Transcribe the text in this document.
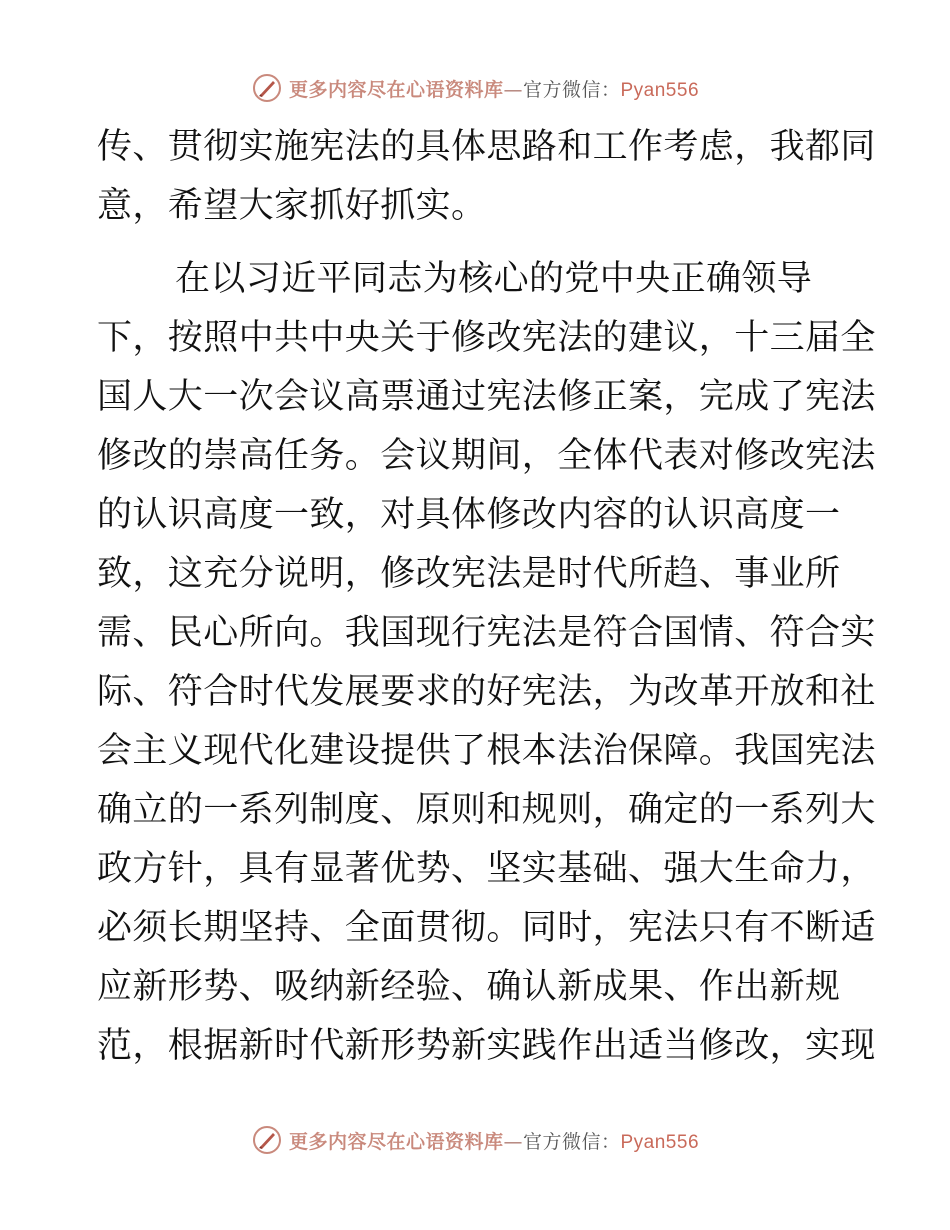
更多内容尽在心语资料库—官方微信：Pyan556
传、贯彻实施宪法的具体思路和工作考虑，我都同
意，希望大家抓好抓实。
在以习近平同志为核心的党中央正确领导
下，按照中共中央关于修改宪法的建议，十三届全
国人大一次会议高票通过宪法修正案，完成了宪法
修改的崇高任务。会议期间，全体代表对修改宪法
的认识高度一致，对具体修改内容的认识高度一
致，这充分说明，修改宪法是时代所趋、事业所
需、民心所向。我国现行宪法是符合国情、符合实
际、符合时代发展要求的好宪法，为改革开放和社
会主义现代化建设提供了根本法治保障。我国宪法
确立的一系列制度、原则和规则，确定的一系列大
政方针，具有显著优势、坚实基础、强大生命力，
必须长期坚持、全面贯彻。同时，宪法只有不断适
应新形势、吸纳新经验、确认新成果、作出新规
范，根据新时代新形势新实践作出适当修改，实现
更多内容尽在心语资料库—官方微信：Pyan556
